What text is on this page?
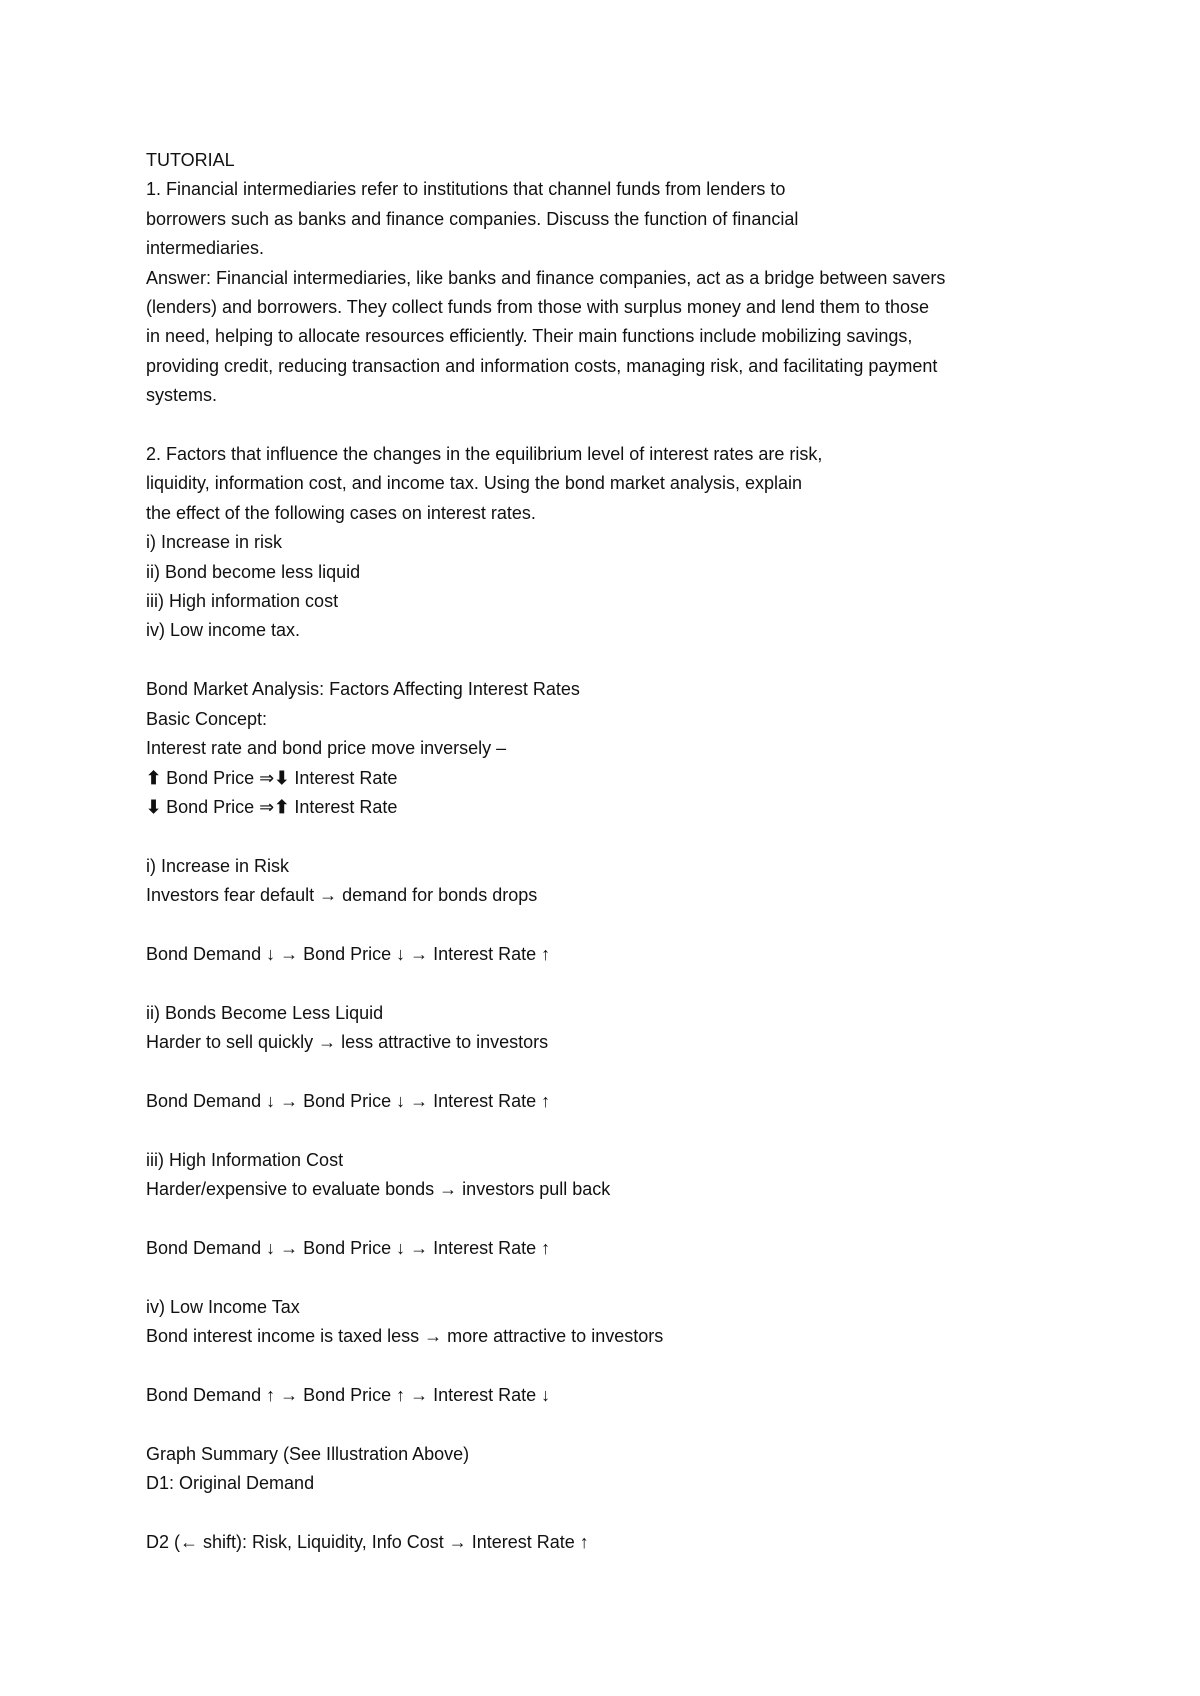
TUTORIAL
1. Financial intermediaries refer to institutions that channel funds from lenders to
borrowers such as banks and finance companies. Discuss the function of financial
intermediaries.
Answer: Financial intermediaries, like banks and finance companies, act as a bridge between savers
(lenders) and borrowers. They collect funds from those with surplus money and lend them to those
in need, helping to allocate resources efficiently. Their main functions include mobilizing savings,
providing credit, reducing transaction and information costs, managing risk, and facilitating payment
systems.
2. Factors that influence the changes in the equilibrium level of interest rates are risk,
liquidity, information cost, and income tax. Using the bond market analysis, explain
the effect of the following cases on interest rates.
i) Increase in risk
ii) Bond become less liquid
iii) High information cost
iv) Low income tax.
Bond Market Analysis: Factors Affecting Interest Rates
Basic Concept:
Interest rate and bond price move inversely –
⬆ Bond Price ⇒⬇ Interest Rate
⬇ Bond Price ⇒⬆ Interest Rate
i) Increase in Risk
Investors fear default → demand for bonds drops
Bond Demand ↓ → Bond Price ↓ → Interest Rate ↑
ii) Bonds Become Less Liquid
Harder to sell quickly → less attractive to investors
Bond Demand ↓ → Bond Price ↓ → Interest Rate ↑
iii) High Information Cost
Harder/expensive to evaluate bonds → investors pull back
Bond Demand ↓ → Bond Price ↓ → Interest Rate ↑
iv) Low Income Tax
Bond interest income is taxed less → more attractive to investors
Bond Demand ↑ → Bond Price ↑ → Interest Rate ↓
Graph Summary (See Illustration Above)
D1: Original Demand
D2 (← shift): Risk, Liquidity, Info Cost → Interest Rate ↑
